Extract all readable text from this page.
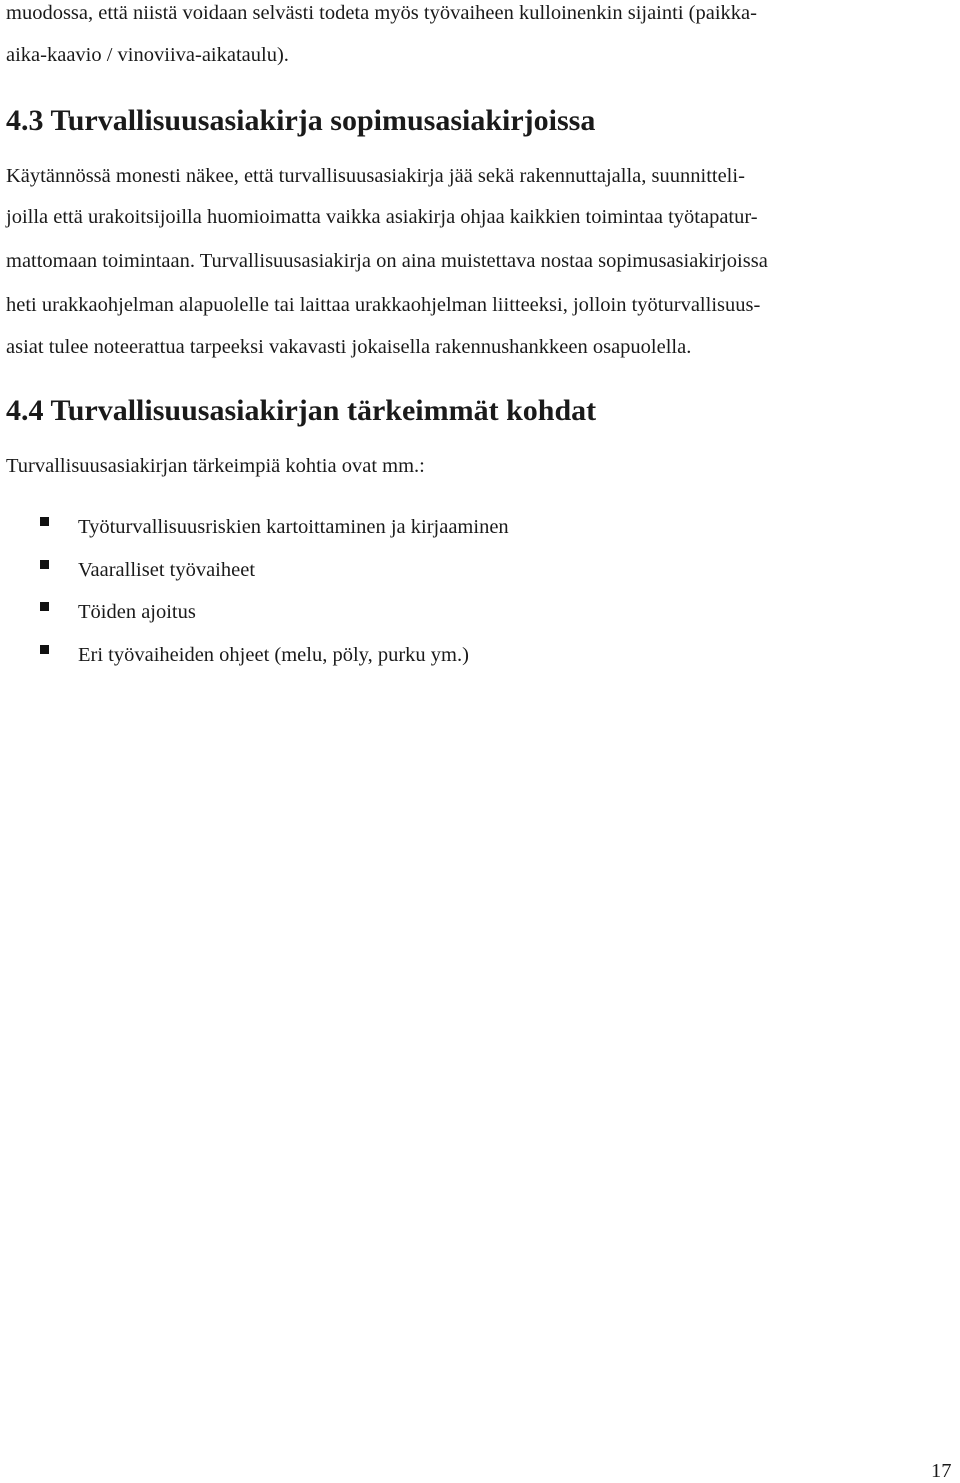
muodossa, että niistä voidaan selvästi todeta myös työvaiheen kulloinenkin sijainti (paikka-
aika-kaavio / vinoviiva-aikataulu).
4.3 Turvallisuusasiakirja sopimusasiakirjoissa
Käytännössä monesti näkee, että turvallisuusasiakirja jää sekä rakennuttajalla, suunnitteli-
joilla että urakoitsijoilla huomioimatta vaikka asiakirja ohjaa kaikkien toimintaa työtapatur-
mattomaan toimintaan. Turvallisuusasiakirja on aina muistettava nostaa sopimusasiakirjoissa
heti urakkaohjelman alapuolelle tai laittaa urakkaohjelman liitteeksi, jolloin työturvallisuus-
asiat tulee noteerattua tarpeeksi vakavasti jokaisella rakennushankkeen osapuolella.
4.4 Turvallisuusasiakirjan tärkeimmät kohdat
Turvallisuusasiakirjan tärkeimpiä kohtia ovat mm.:
Työturvallisuusriskien kartoittaminen ja kirjaaminen
Vaaralliset työvaiheet
Töiden ajoitus
Eri työvaiheiden ohjeet (melu, pöly, purku ym.)
17
